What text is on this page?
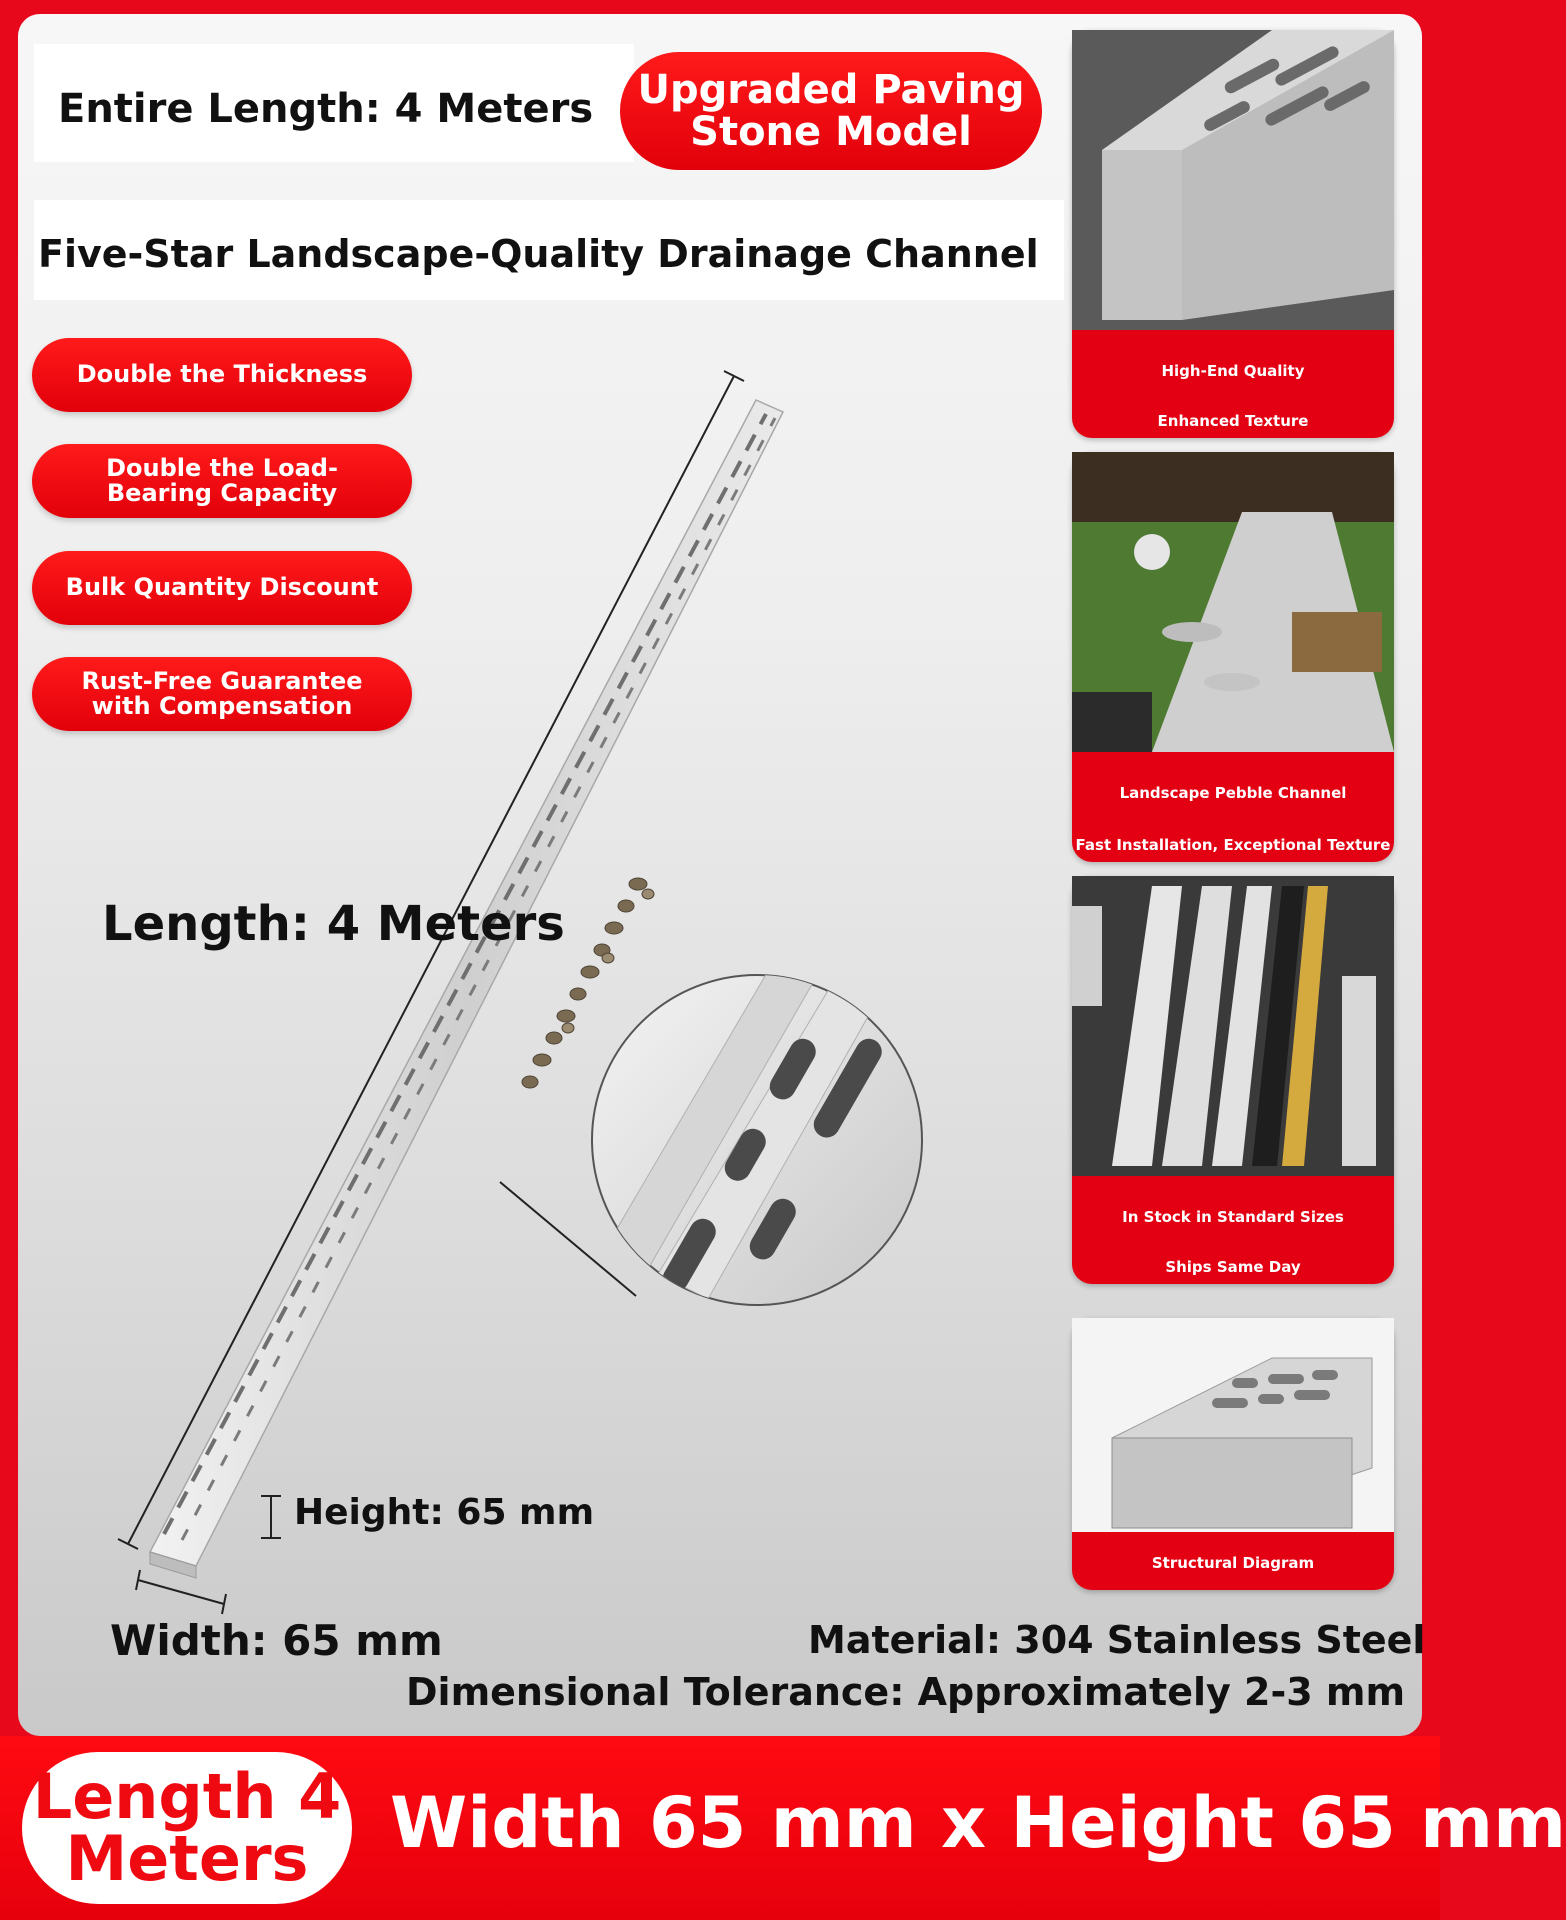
Entire Length: 4 Meters Upgraded Paving
Stone Model
Five-Star Landscape-Quality Drainage Channel
Double the Thickness
Double the Load-
Bearing Capacity
Bulk Quantity Discount
Rust-Free Guarantee
with Compensation
Length: 4 Meters
Height: 65 mm
Width: 65 mm	Material: 304 Stainless Steel
Dimensional Tolerance: Approximately 2-3 mm
High-End Quality
Enhanced Texture
Landscape Pebble Channel
Fast Installation, Exceptional Texture
In Stock in Standard Sizes
Ships Same Day
Structural Diagram
Length 4
Meters Width 65 mm x Height 65 mm
